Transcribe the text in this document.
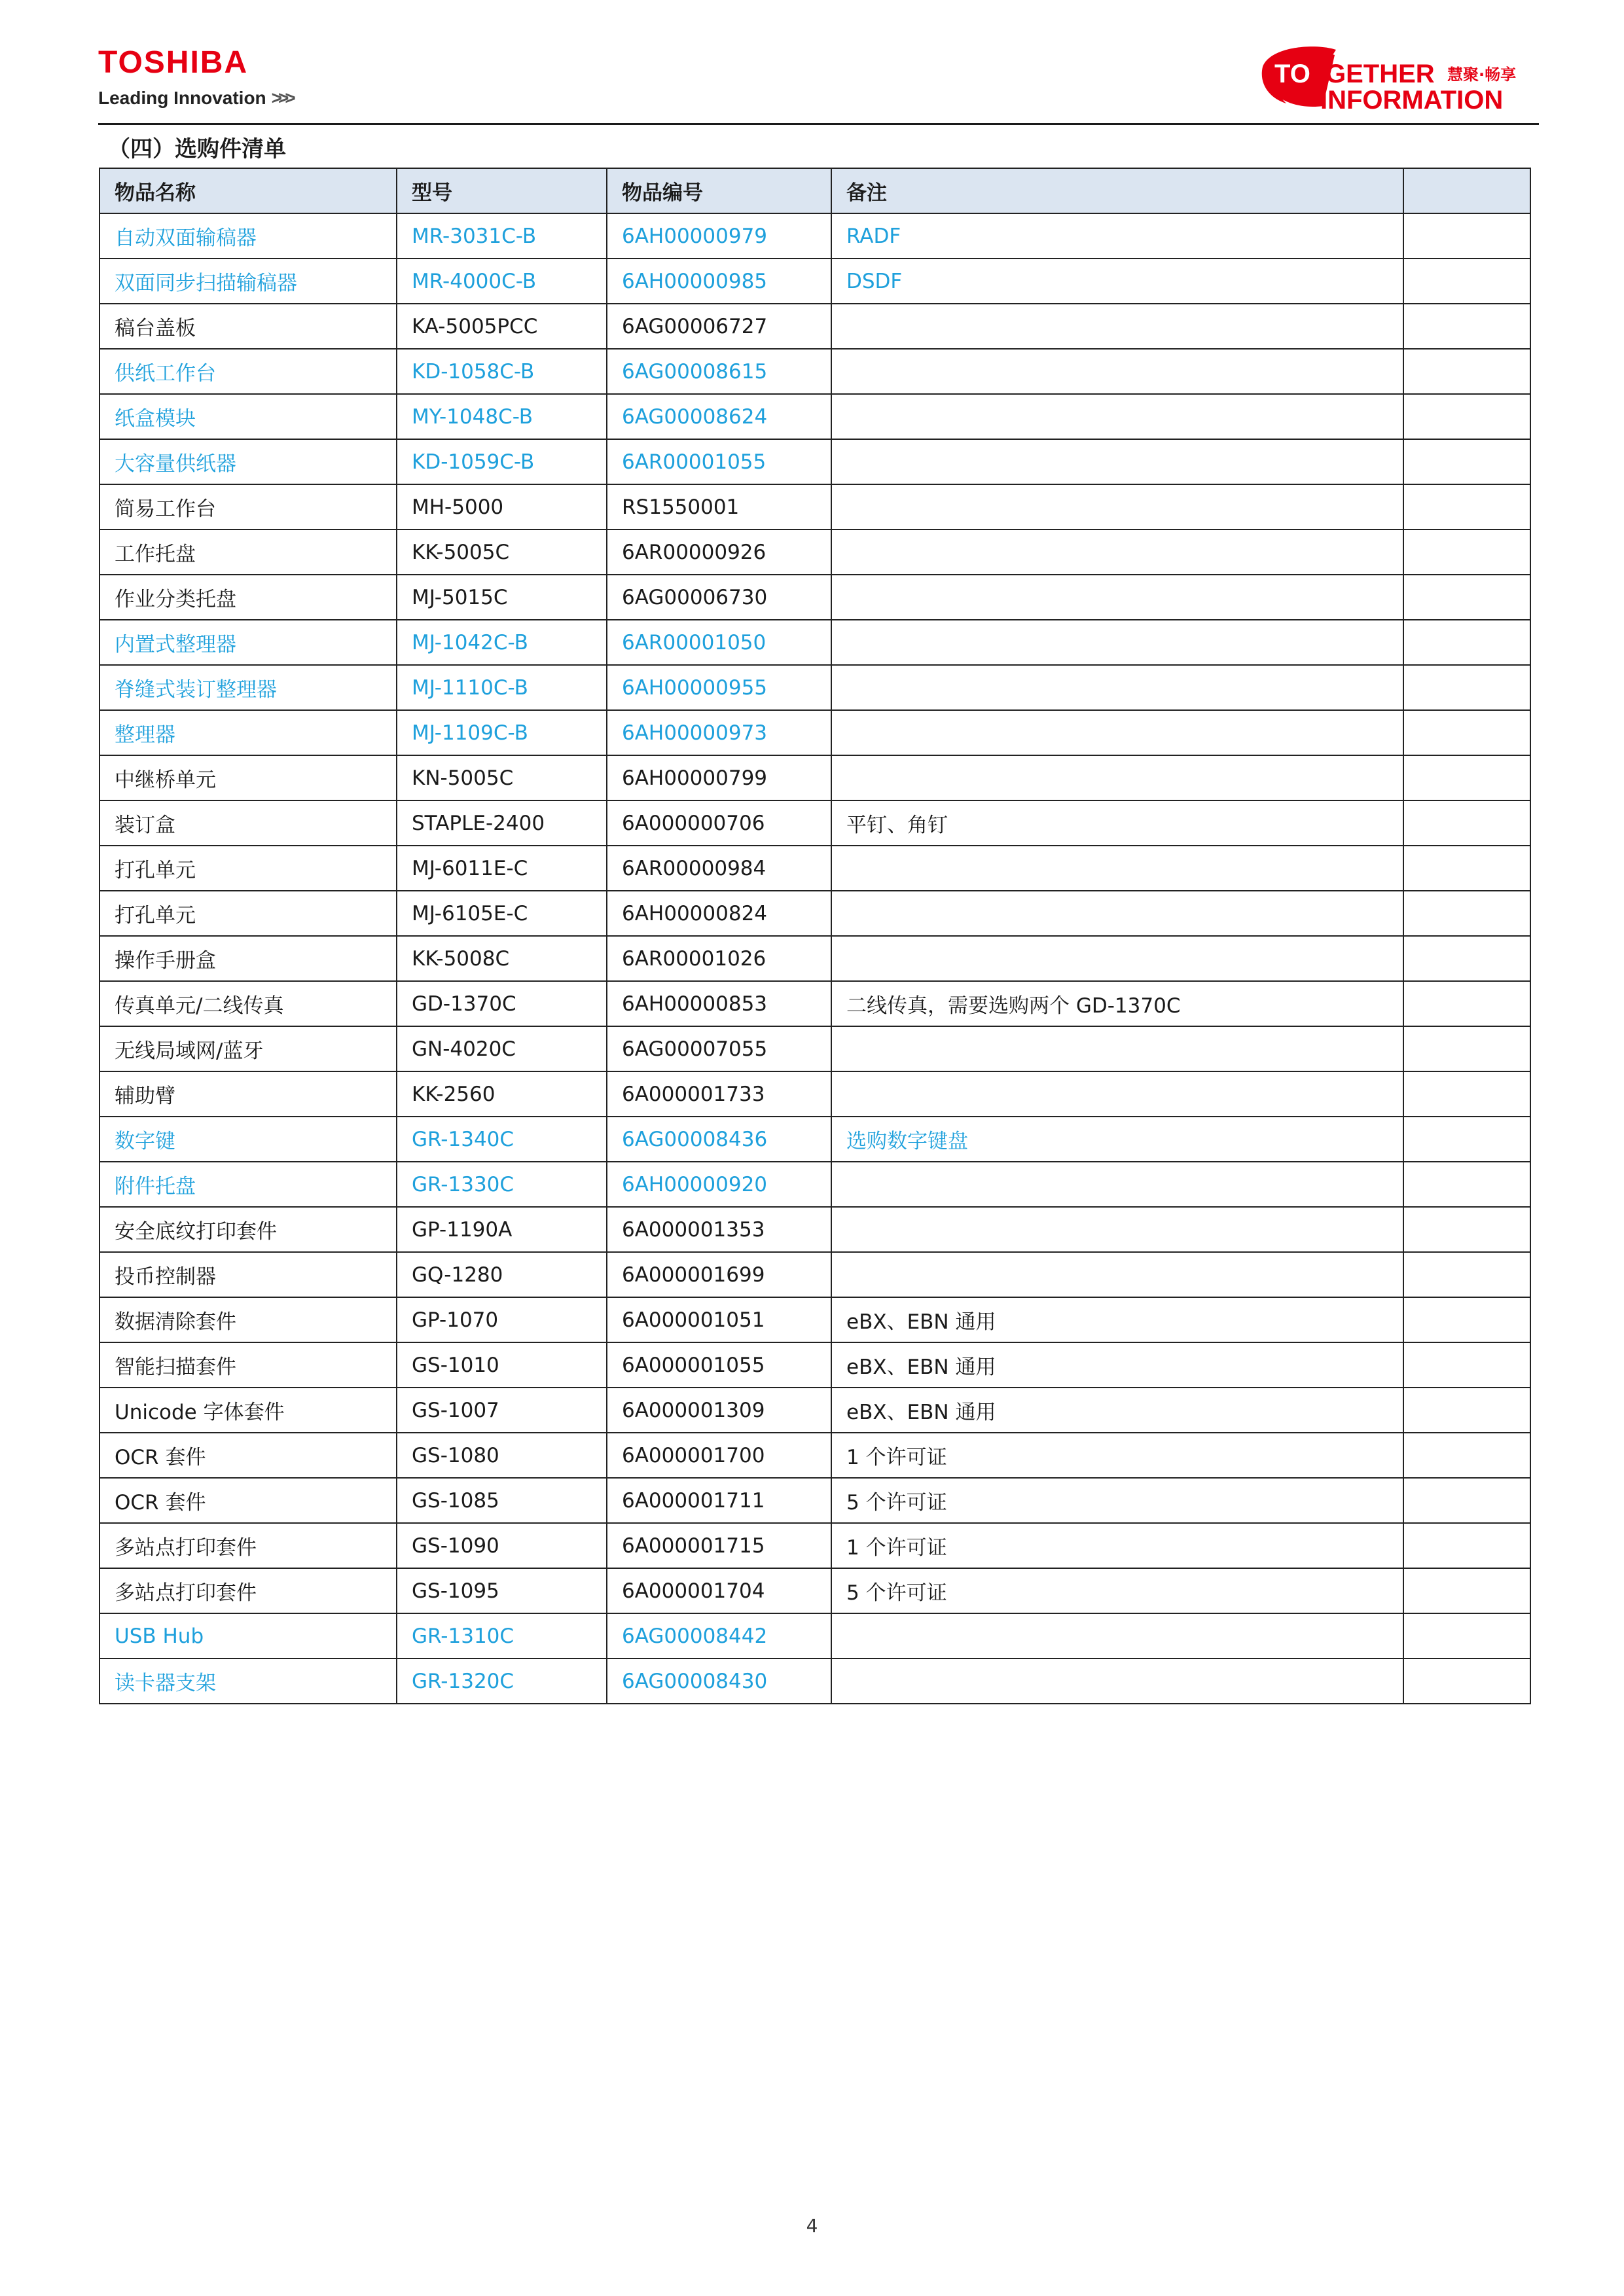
TOSHIBA
Leading Innovation >>>
TO GETHER 慧聚·畅享
INFORMATION
（四）选购件清单
物品名称	型号	物品编号	备注	
自动双面输稿器	MR-3031C-B	6AH00000979	RADF	
双面同步扫描输稿器	MR-4000C-B	6AH00000985	DSDF	
稿台盖板	KA-5005PCC	6AG00006727		
供纸工作台	KD-1058C-B	6AG00008615		
纸盒模块	MY-1048C-B	6AG00008624		
大容量供纸器	KD-1059C-B	6AR00001055		
简易工作台	MH-5000	RS1550001		
工作托盘	KK-5005C	6AR00000926		
作业分类托盘	MJ-5015C	6AG00006730		
内置式整理器	MJ-1042C-B	6AR00001050		
脊缝式装订整理器	MJ-1110C-B	6AH00000955		
整理器	MJ-1109C-B	6AH00000973		
中继桥单元	KN-5005C	6AH00000799		
装订盒	STAPLE-2400	6A000000706	平钉、角钉	
打孔单元	MJ-6011E-C	6AR00000984		
打孔单元	MJ-6105E-C	6AH00000824		
操作手册盒	KK-5008C	6AR00001026		
传真单元/二线传真	GD-1370C	6AH00000853	二线传真，需要选购两个 GD-1370C	
无线局域网/蓝牙	GN-4020C	6AG00007055		
辅助臂	KK-2560	6A000001733		
数字键	GR-1340C	6AG00008436	选购数字键盘	
附件托盘	GR-1330C	6AH00000920		
安全底纹打印套件	GP-1190A	6A000001353		
投币控制器	GQ-1280	6A000001699		
数据清除套件	GP-1070	6A000001051	eBX、EBN 通用	
智能扫描套件	GS-1010	6A000001055	eBX、EBN 通用	
Unicode 字体套件	GS-1007	6A000001309	eBX、EBN 通用	
OCR 套件	GS-1080	6A000001700	1 个许可证	
OCR 套件	GS-1085	6A000001711	5 个许可证	
多站点打印套件	GS-1090	6A000001715	1 个许可证	
多站点打印套件	GS-1095	6A000001704	5 个许可证	
USB Hub	GR-1310C	6AG00008442		
读卡器支架	GR-1320C	6AG00008430		
4
